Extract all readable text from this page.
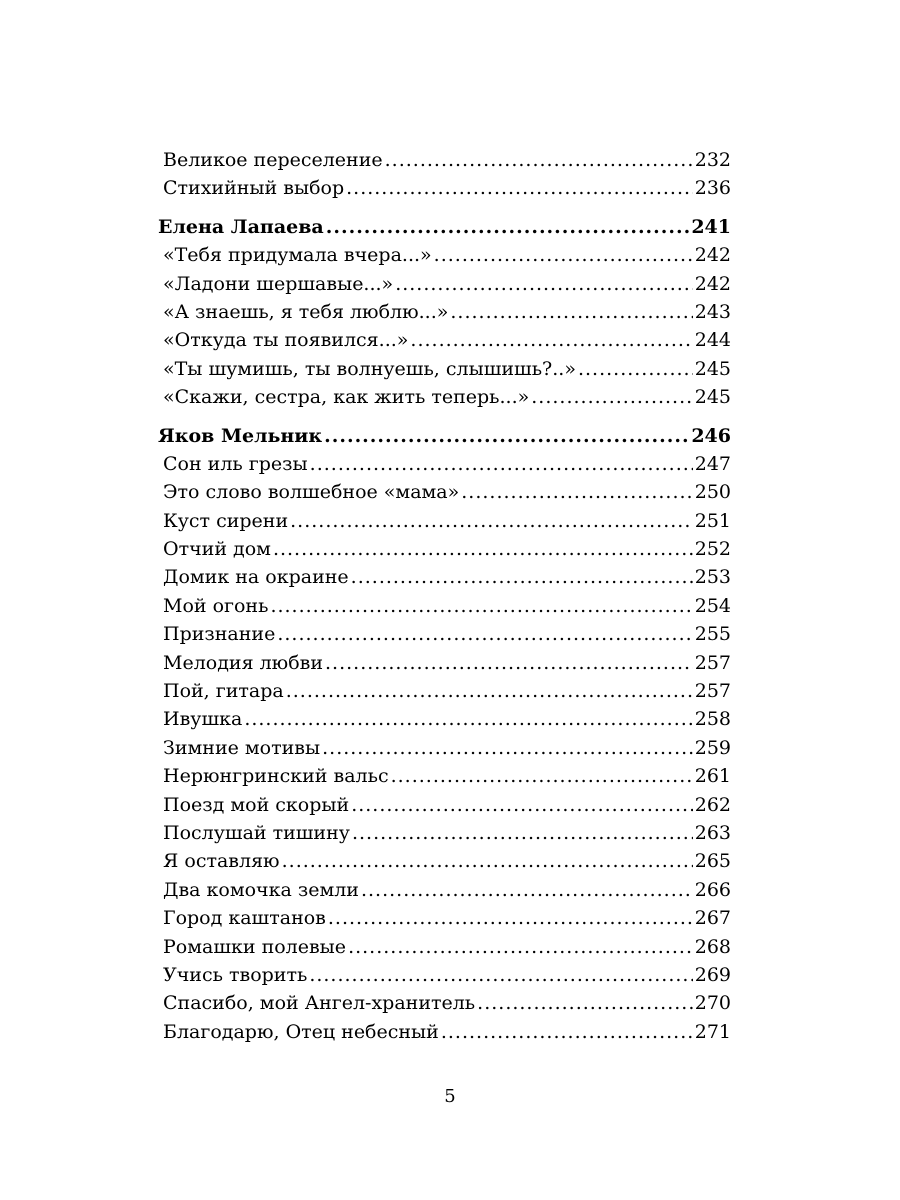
Великое переселение .....	232
Стихийный выбор .....	236
Елена Лапаева .....	241
«Тебя придумала вчера...» .....	242
«Ладони шершавые...» .....	242
«А знаешь, я тебя люблю...» .....	243
«Откуда ты появился...» .....	244
«Ты шумишь, ты волнуешь, слышишь?..» .....	245
«Скажи, сестра, как жить теперь...» .....	245
Яков Мельник .....	246
Сон иль грезы .....	247
Это слово волшебное «мама» .....	250
Куст сирени .....	251
Отчий дом .....	252
Домик на окраине .....	253
Мой огонь .....	254
Признание .....	255
Мелодия любви .....	257
Пой, гитара .....	257
Ивушка .....	258
Зимние мотивы .....	259
Нерюнгринский вальс .....	261
Поезд мой скорый .....	262
Послушай тишину .....	263
Я оставляю .....	265
Два комочка земли .....	266
Город каштанов .....	267
Ромашки полевые .....	268
Учись творить .....	269
Спасибо, мой Ангел-хранитель .....	270
Благодарю, Отец небесный .....	271
5
